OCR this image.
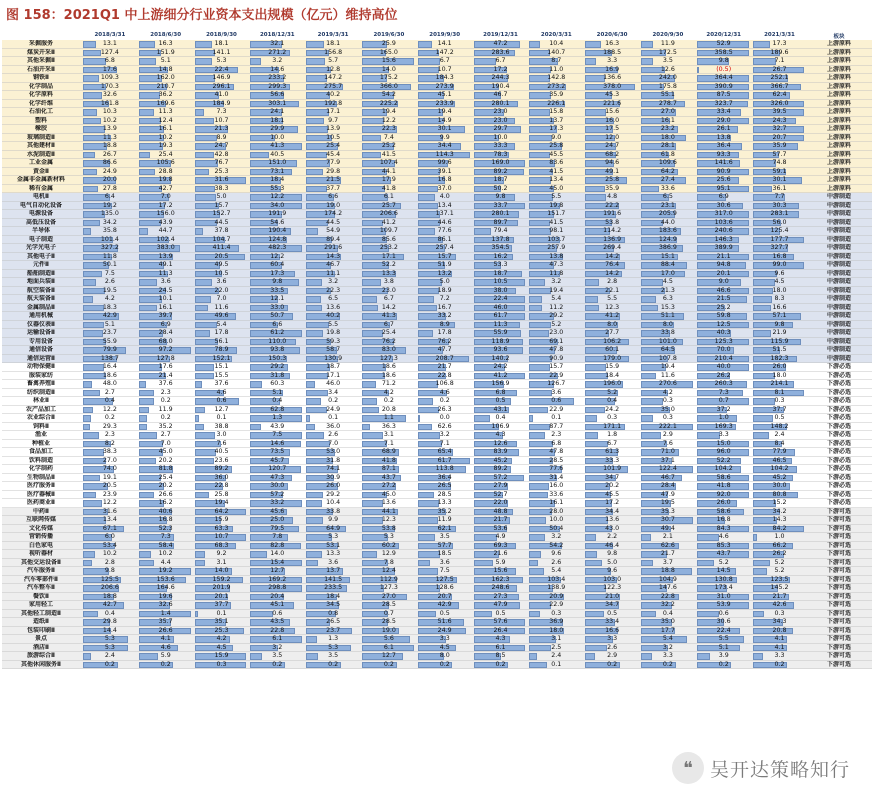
图 158：2021Q1 中上游细分行业资本支出规模（亿元）维持高位
2018/3/31	2018/6/30	2018/9/30	2018/12/31	2019/3/31	2019/6/30	2019/9/30	2019/12/31	2020/3/31	2020/6/30	2020/9/30	2020/12/31	2021/3/31	板块
采掘服务	13.1	16.3	18.1	32.1	18.1	25.9	14.1	47.2	10.4	16.3	11.9	52.9	17.3	上游原料
煤炭开采Ⅱ	127.4	151.9	141.1	271.2	156.8	165.0	147.2	283.6	140.7	188.5	172.5	358.5	189.6	上游原料
其他采掘Ⅱ	6.8	5.1	5.3	3.2	5.7	15.6	6.7	6.7	8.7	3.3	3.5	9.8	7.1	上游原料
石油开采Ⅱ	17.6	14.8	22.4	14.6	12.8	14.0	10.7	17.2	11.0	16.9	12.6	(0.5)	26.7	上游原料
钢铁Ⅱ	109.3	162.0	146.9	233.2	147.2	175.2	184.3	244.3	142.8	136.6	242.0	364.4	252.1	上游原料
化学制品	170.3	210.7	296.1	299.3	275.7	366.0	273.9	190.4	273.2	378.0	175.8	390.9	366.7	上游原料
化学原料	32.6	36.2	41.0	56.6	40.2	54.2	45.1	46.7	35.9	45.3	55.1	87.5	62.4	上游原料
化学纤维	161.8	169.6	184.9	303.1	192.8	225.2	233.9	280.1	226.1	221.6	278.7	323.7	326.0	上游原料
石油化工	10.3	11.3	7.3	24.1	17.1	19.4	19.4	23.0	15.8	15.6	27.0	33.4	39.5	上游原料
塑料	10.2	12.4	10.7	18.1	9.7	12.2	14.9	23.0	13.7	16.0	16.1	29.0	24.3	上游原料
橡胶	13.9	16.1	21.3	29.9	13.9	22.3	30.1	29.7	17.3	17.5	23.2	26.1	32.7	上游原料
玻璃制造Ⅱ	11.3	10.2	8.9	10.0	10.5	7.4	9.9	10.0	9.0	12.0	18.0	13.8	20.7	上游原料
其他建材Ⅱ	18.8	19.3	24.7	41.3	25.4	25.2	34.4	33.3	25.8	24.7	28.1	36.4	35.9	上游原料
水泥制造Ⅱ	26.7	25.4	42.8	40.5	45.4	41.5	114.3	78.3	45.5	68.2	61.8	93.3	57.7	上游原料
工业金属	86.6	105.6	76.7	151.0	77.9	107.4	99.6	169.0	83.6	94.6	109.6	141.6	74.8	上游原料
黄金Ⅱ	24.9	28.8	25.3	73.1	29.8	44.1	39.1	89.2	41.5	49.1	64.2	90.9	59.1	上游原料
金属非金属新材料	20.0	19.8	31.6	18.4	21.5	17.9	16.8	18.7	13.4	25.8	27.4	25.6	30.1	上游原料
稀有金属	27.8	42.7	38.3	55.3	37.7	41.8	37.0	50.2	45.0	35.9	33.6	95.1	36.1	上游原料
电机Ⅱ	6.4	7.0	5.0	12.2	6.6	6.1	4.0	9.8	5.5	4.8	6.5	6.9	7.7	中游制造
电气自动化设备	19.2	17.2	15.7	34.0	19.0	25.7	13.4	33.7	19.8	22.2	23.1	30.6	30.3	中游制造
电源设备	135.0	156.0	152.7	191.9	174.2	206.6	137.1	280.1	151.7	191.6	205.9	317.0	283.1	中游制造
高低压设备	34.2	43.9	44.5	54.6	44.5	41.2	44.6	89.7	41.5	53.8	44.0	103.6	56.0	中游制造
半导体	35.8	44.7	37.8	190.4	54.9	109.7	77.6	79.4	98.1	114.2	183.6	240.6	125.4	中游制造
电子制造	101.4	102.4	104.7	124.8	89.4	85.6	86.1	137.8	103.7	136.9	124.9	146.3	177.7	中游制造
光学光电子	327.2	383.0	411.4	482.3	291.6	253.2	257.4	354.5	257.9	269.4	386.9	389.9	327.7	中游制造
其他电子Ⅱ	11.8	13.9	20.5	12.2	14.3	17.1	15.7	16.2	13.8	14.2	15.1	21.1	16.8	中游制造
元件Ⅱ	50.1	49.1	49.5	60.4	46.7	52.2	51.9	53.3	47.3	76.4	88.4	94.8	99.0	中游制造
船舶制造Ⅱ	7.5	11.3	10.5	17.3	11.1	13.3	13.2	18.7	11.8	14.2	17.0	20.1	9.6	中游制造
地面兵装Ⅱ	2.6	3.6	3.6	9.8	3.2	3.8	5.0	10.5	3.2	2.8	4.5	9.0	4.5	中游制造
航空装备Ⅱ	19.5	24.5	22.0	33.5	22.3	23.0	18.9	38.0	19.4	22.1	21.3	46.6	18.0	中游制造
航天装备Ⅱ	4.2	10.1	7.0	12.1	6.5	6.7	7.2	22.4	5.4	5.5	6.3	21.5	8.3	中游制造
金属制品Ⅱ	18.3	16.1	11.6	33.0	13.6	14.2	16.7	46.0	11.2	12.3	15.3	25.2	16.6	中游制造
通用机械	42.9	39.7	49.6	50.7	40.2	41.3	33.2	61.7	29.2	41.2	51.1	59.8	57.1	中游制造
仪器仪表Ⅱ	5.1	6.9	5.4	6.6	5.5	6.7	8.9	11.3	5.2	8.0	8.0	12.5	9.8	中游制造
运输设备Ⅱ	23.7	28.4	17.8	61.2	19.8	25.4	17.8	55.9	23.0	27.7	33.8	40.3	21.9	中游制造
专用设备	55.9	68.0	56.1	110.0	59.3	76.2	76.2	118.9	69.1	106.2	101.0	125.3	115.9	中游制造
通信设备	79.9	97.2	78.9	93.8	58.7	83.0	47.7	93.6	47.8	60.1	64.5	70.0	51.5	中游制造
通信运营Ⅱ	138.7	127.8	152.1	150.3	130.9	127.3	208.7	140.2	90.9	179.0	107.8	210.4	182.3	中游制造
动物保健Ⅱ	16.4	17.6	15.1	29.2	18.7	18.6	21.7	24.2	15.7	15.9	19.4	40.0	26.0	下游必选
服装家纺	18.6	21.4	15.5	31.8	17.1	18.6	22.8	41.2	22.9	18.4	11.6	26.2	18.0	下游必选
畜禽养殖Ⅱ	48.0	37.6	37.6	60.3	46.0	71.2	106.8	156.9	126.7	196.0	270.6	260.3	214.1	下游必选
纺织制造Ⅱ	2.7	2.3	4.6	5.1	3.4	4.2	4.6	6.8	3.6	5.2	4.2	7.3	8.1	下游必选
林业Ⅱ	0.4	0.2	0.6	0.4	0.2	0.2	0.2	0.5	0.6	0.4	0.3	0.7	0.3	下游必选
农产品加工	12.2	11.9	12.7	62.8	24.9	20.8	26.3	43.1	22.9	24.2	35.0	37.2	37.7	下游必选
农业综合Ⅱ	0.2	0.2	0.1	1.3	0.1	1.1	0.0	0.4	0.1	0.3	0.3	1.0	0.5	下游必选
饲料Ⅱ	29.3	35.2	38.8	43.9	36.0	36.3	62.6	106.9	87.7	171.1	222.1	169.3	148.2	下游必选
渔业	2.3	2.7	3.0	7.5	2.6	3.1	3.2	4.3	2.3	1.8	2.9	3.3	2.4	下游必选
种植业	8.2	7.0	7.6	14.6	7.0	7.1	7.1	12.6	6.8	6.7	7.6	15.0	8.4	下游必选
食品加工	38.3	45.0	40.5	73.5	53.0	68.9	65.4	83.9	47.8	61.3	71.0	96.0	77.9	下游必选
饮料制造	27.0	20.2	23.6	45.7	31.8	41.8	61.7	45.2	28.5	33.3	37.1	52.2	46.5	下游必选
化学制药	74.0	81.8	89.2	120.7	74.1	87.1	113.8	89.2	77.6	101.9	122.4	104.2	104.2	下游必选
生物制品Ⅱ	19.1	25.4	36.0	47.3	30.9	43.7	36.4	57.2	31.4	34.7	46.7	58.6	45.2	下游必选
医疗服务Ⅱ	20.5	20.2	22.8	30.0	26.0	27.2	26.5	27.9	16.0	20.2	28.4	41.8	30.0	下游必选
医疗器械Ⅱ	23.9	26.6	25.8	57.2	29.2	45.0	28.5	52.7	33.6	45.5	47.9	92.0	80.8	下游必选
医药商业Ⅱ	12.2	16.2	19.4	33.2	10.4	13.6	13.3	22.0	16.1	17.2	19.5	26.0	15.2	下游必选
中药Ⅱ	31.6	40.6	64.2	45.6	33.8	44.1	35.2	48.8	28.0	34.4	35.3	58.6	34.2	下游可选
互联网传媒	13.4	16.8	15.9	25.0	9.9	12.3	11.9	21.7	10.0	13.6	30.7	16.8	14.3	下游可选
文化传媒	67.1	52.3	63.3	79.5	64.9	53.8	62.1	53.6	50.4	43.0	49.4	84.3	84.2	下游可选
营销传播	6.0	7.3	10.7	7.8	5.3	5.3	3.5	4.9	3.2	2.2	2.1	4.6	1.0	下游可选
白色家电	53.4	58.4	68.3	82.8	53.1	60.2	57.7	69.3	54.2	46.4	62.6	85.3	66.2	下游可选
视听器材	10.2	10.2	9.2	14.0	13.3	12.9	18.5	21.6	9.6	9.8	21.7	43.7	26.2	下游可选
其他交运设备Ⅱ	2.8	4.4	3.1	15.4	3.6	7.8	3.6	5.9	2.6	5.0	3.7	5.2	5.2	下游可选
汽车服务Ⅱ	9.8	19.2	14.0	12.7	13.7	12.4	7.5	15.6	5.4	9.6	18.8	14.5	5.2	下游可选
汽车零部件Ⅱ	125.5	153.6	159.2	169.2	141.5	112.9	127.5	162.3	103.4	103.0	104.9	130.8	123.5	下游可选
汽车整车Ⅱ	206.6	164.6	201.9	298.8	233.5	127.3	128.6	248.6	138.9	122.3	147.6	173.4	145.2	下游可选
餐饮Ⅱ	18.8	19.6	20.1	20.4	18.4	27.0	20.7	27.3	20.9	21.0	22.8	31.0	21.7	下游可选
家用轻工	42.7	32.6	37.7	45.1	34.5	28.5	42.9	47.9	22.9	34.7	32.2	53.9	42.6	下游可选
其他轻工制造Ⅱ	0.4	1.4	0.1	0.6	0.8	0.7	0.5	0.5	0.3	0.5	0.4	0.6	0.3	下游可选
造纸Ⅱ	29.8	35.7	35.1	43.5	26.5	28.5	51.6	57.6	36.9	33.4	35.0	30.6	34.3	下游可选
包装印刷Ⅱ	14.4	26.6	25.3	22.8	23.7	19.0	24.9	26.4	18.0	16.6	17.7	22.4	20.8	下游可选
景点	5.3	4.1	4.2	6.1	1.3	5.6	3.3	4.3	3.1	3.3	5.4	5.5	4.1	下游可选
酒店Ⅱ	5.3	4.6	4.5	3.2	5.3	6.1	4.5	6.1	2.5	2.6	3.2	5.1	4.1	下游可选
旅游综合Ⅱ	2.4	5.9	15.9	3.5	3.5	12.7	8.0	8.5	2.4	2.9	3.3	3.9	3.3	下游可选
其他休闲服务Ⅱ	0.2	0.2	0.3	0.2	0.2	0.2	0.2	0.2	0.1	0.2	0.2	0.2	0.2	下游可选
❝ 吴开达策略知行
